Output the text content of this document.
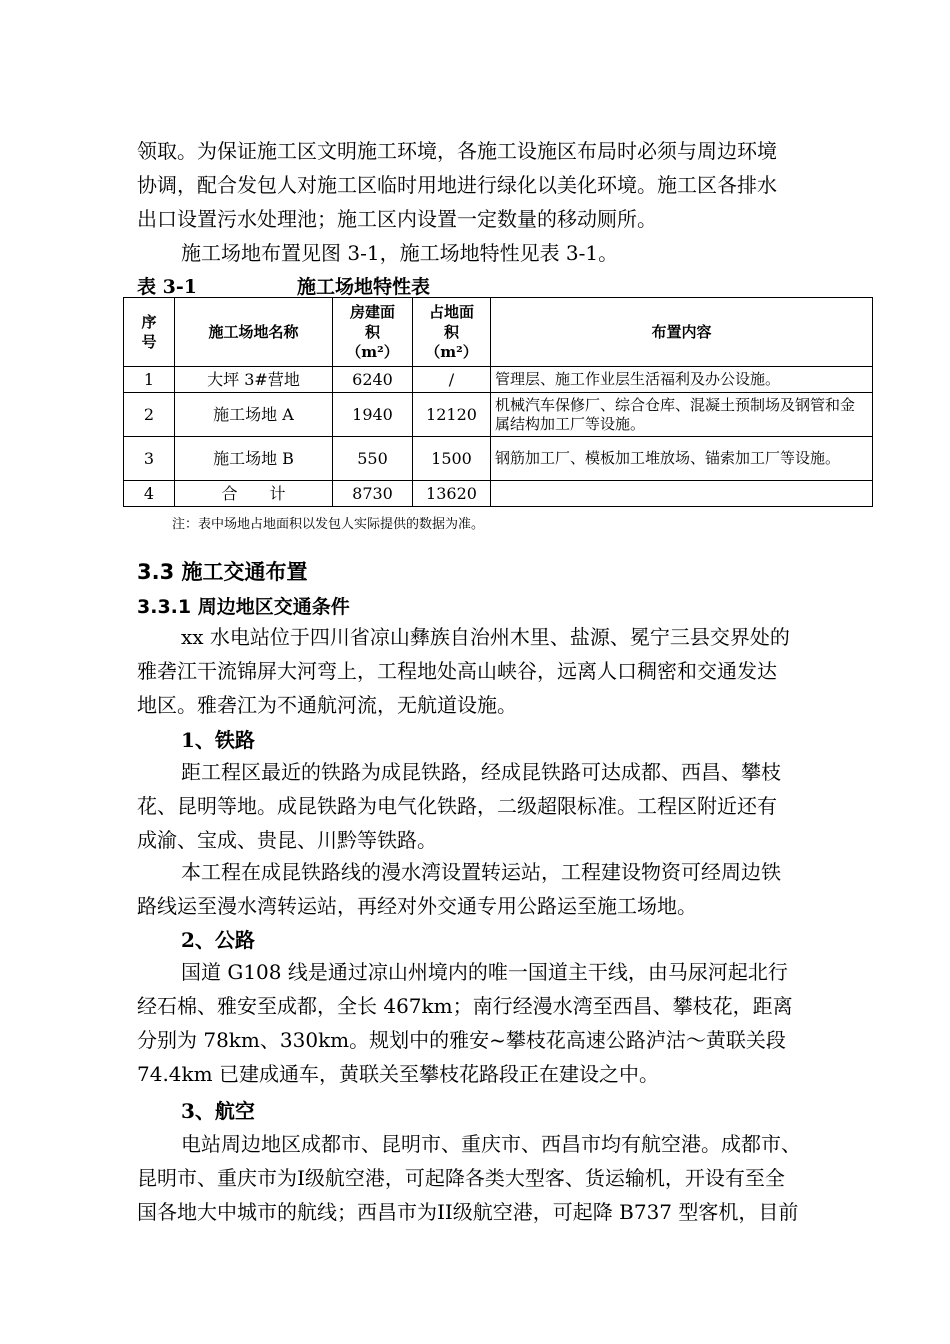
领取。为保证施工区文明施工环境，各施工设施区布局时必须与周边环境
协调，配合发包人对施工区临时用地进行绿化以美化环境。施工区各排水
出口设置污水处理池；施工区内设置一定数量的移动厕所。
施工场地布置见图 3-1，施工场地特性见表 3-1。
表 3-1	施工场地特性表
序号	施工场地名称	房建面积（m²）	占地面积（m²）	布置内容
1	大坪 3#营地	6240	/	管理层、施工作业层生活福利及办公设施。
2	施工场地 A	1940	12120	机械汽车保修厂、综合仓库、混凝土预制场及钢管和金属结构加工厂等设施。
3	施工场地 B	550	1500	钢筋加工厂、模板加工堆放场、锚索加工厂等设施。
4	合　　计	8730	13620	
注：表中场地占地面积以发包人实际提供的数据为准。
3.3 施工交通布置
3.3.1 周边地区交通条件
xx 水电站位于四川省凉山彝族自治州木里、盐源、冕宁三县交界处的
雅砻江干流锦屏大河弯上，工程地处高山峡谷，远离人口稠密和交通发达
地区。雅砻江为不通航河流，无航道设施。
1、铁路
距工程区最近的铁路为成昆铁路，经成昆铁路可达成都、西昌、攀枝
花、昆明等地。成昆铁路为电气化铁路，二级超限标准。工程区附近还有
成渝、宝成、贵昆、川黔等铁路。
本工程在成昆铁路线的漫水湾设置转运站，工程建设物资可经周边铁
路线运至漫水湾转运站，再经对外交通专用公路运至施工场地。
2、公路
国道 G108 线是通过凉山州境内的唯一国道主干线，由马尿河起北行
经石棉、雅安至成都，全长 467km；南行经漫水湾至西昌、攀枝花，距离
分别为 78km、330km。规划中的雅安~攀枝花高速公路泸沽～黄联关段
74.4km 已建成通车，黄联关至攀枝花路段正在建设之中。
3、航空
电站周边地区成都市、昆明市、重庆市、西昌市均有航空港。成都市、
昆明市、重庆市为I级航空港，可起降各类大型客、货运输机，开设有至全
国各地大中城市的航线；西昌市为II级航空港，可起降 B737 型客机，目前
